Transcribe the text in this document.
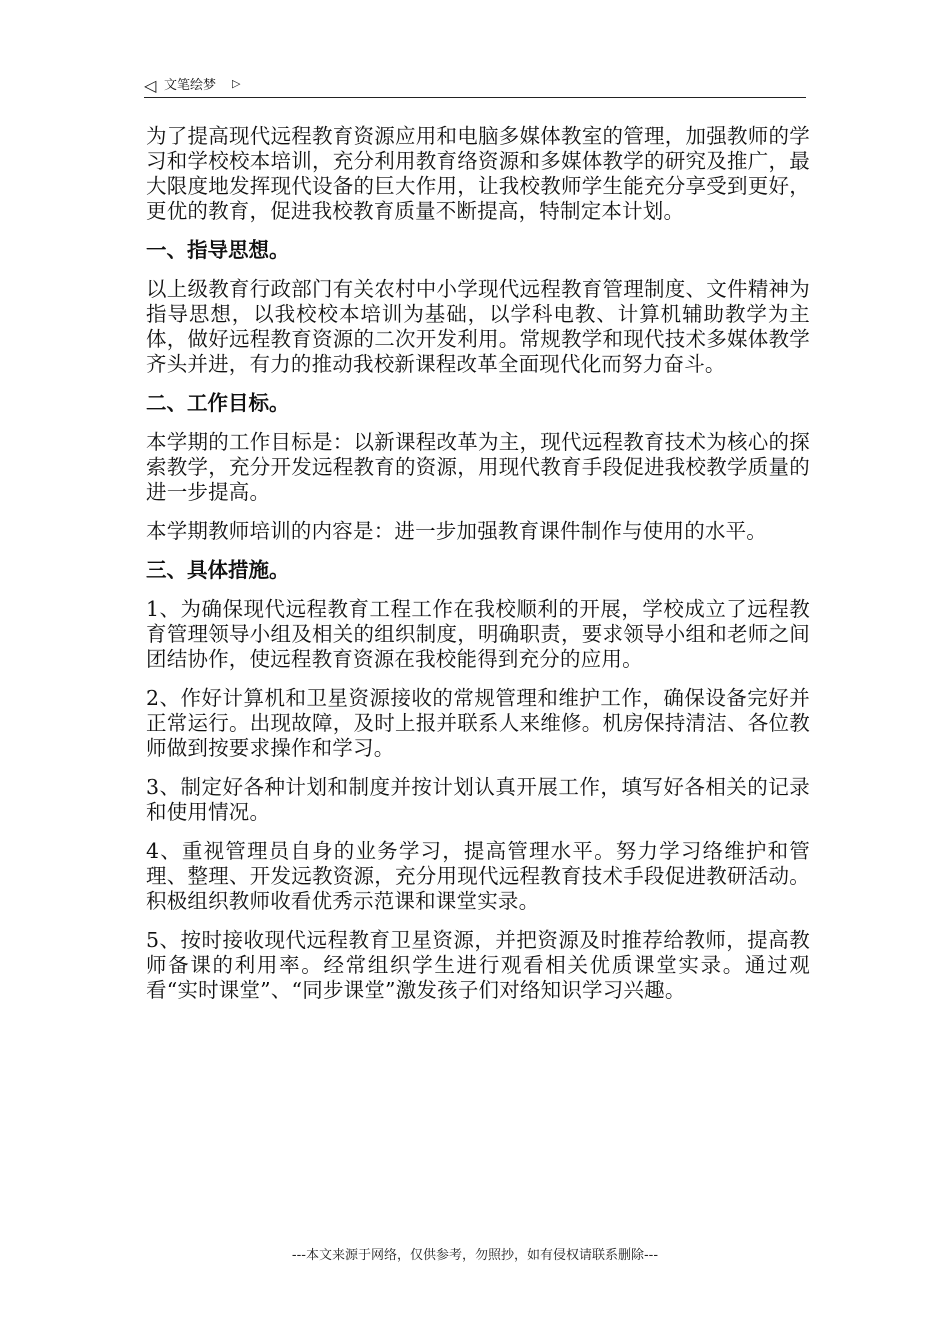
◁ 文笔绘梦 ▷

为了提高现代远程教育资源应用和电脑多媒体教室的管理，加强教师的学习和学校校本培训，充分利用教育络资源和多媒体教学的研究及推广，最大限度地发挥现代设备的巨大作用，让我校教师学生能充分享受到更好，更优的教育，促进我校教育质量不断提高，特制定本计划。

一、指导思想。

以上级教育行政部门有关农村中小学现代远程教育管理制度、文件精神为指导思想，以我校校本培训为基础，以学科电教、计算机辅助教学为主体，做好远程教育资源的二次开发利用。常规教学和现代技术多媒体教学齐头并进，有力的推动我校新课程改革全面现代化而努力奋斗。

二、工作目标。

本学期的工作目标是：以新课程改革为主，现代远程教育技术为核心的探索教学，充分开发远程教育的资源，用现代教育手段促进我校教学质量的进一步提高。

本学期教师培训的内容是：进一步加强教育课件制作与使用的水平。

三、具体措施。

1、为确保现代远程教育工程工作在我校顺利的开展，学校成立了远程教育管理领导小组及相关的组织制度，明确职责，要求领导小组和老师之间团结协作，使远程教育资源在我校能得到充分的应用。

2、作好计算机和卫星资源接收的常规管理和维护工作，确保设备完好并正常运行。出现故障，及时上报并联系人来维修。机房保持清洁、各位教师做到按要求操作和学习。

3、制定好各种计划和制度并按计划认真开展工作，填写好各相关的记录和使用情况。

4、重视管理员自身的业务学习，提高管理水平。努力学习络维护和管理、整理、开发远教资源，充分用现代远程教育技术手段促进教研活动。积极组织教师收看优秀示范课和课堂实录。

5、按时接收现代远程教育卫星资源，并把资源及时推荐给教师，提高教师备课的利用率。经常组织学生进行观看相关优质课堂实录。通过观看“实时课堂”、“同步课堂”激发孩子们对络知识学习兴趣。

---本文来源于网络，仅供参考，勿照抄，如有侵权请联系删除---
